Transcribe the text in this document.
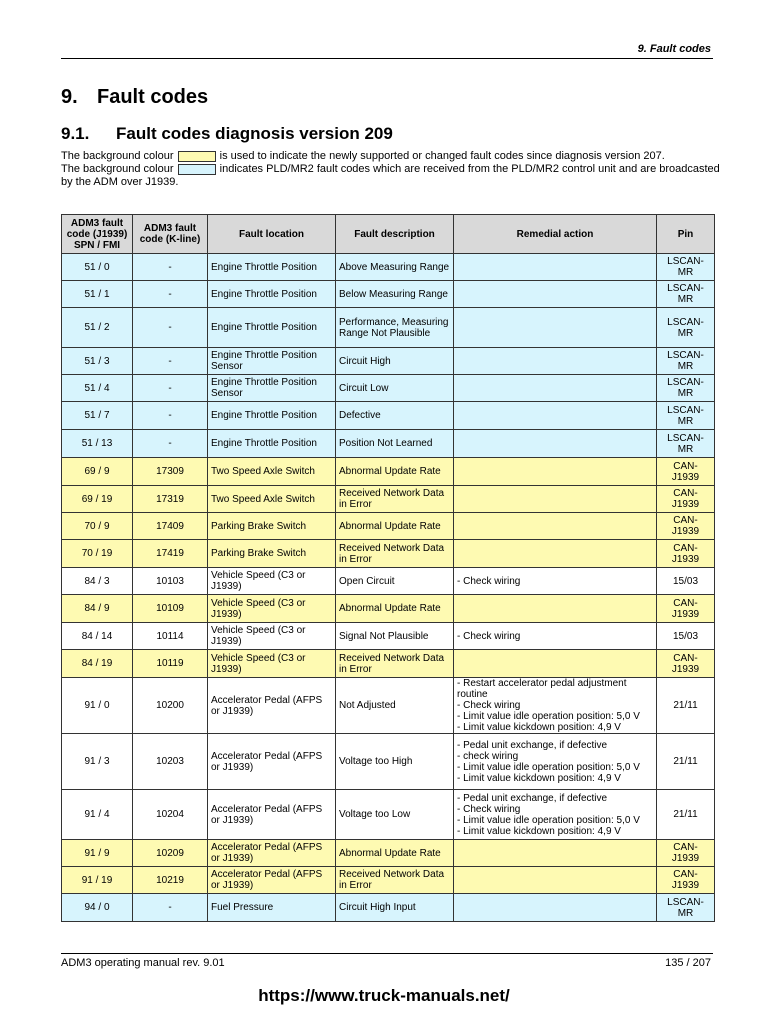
9. Fault codes
9. Fault codes
9.1. Fault codes diagnosis version 209
The background colour	is used to indicate the newly supported or changed fault codes since diagnosis version 207.
The background colour	indicates PLD/MR2 fault codes which are received from the PLD/MR2 control unit and are broadcasted by the ADM over J1939.
ADM3 fault code (J1939) SPN / FMI	ADM3 fault code (K-line)	Fault location	Fault description	Remedial action	Pin
51 / 0	-	Engine Throttle Position	Above Measuring Range		LSCAN-MR
51 / 1	-	Engine Throttle Position	Below Measuring Range		LSCAN-MR
51 / 2	-	Engine Throttle Position	Performance, Measuring Range Not Plausible		LSCAN-MR
51 / 3	-	Engine Throttle Position Sensor	Circuit High		LSCAN-MR
51 / 4	-	Engine Throttle Position Sensor	Circuit Low		LSCAN-MR
51 / 7	-	Engine Throttle Position	Defective		LSCAN-MR
51 / 13	-	Engine Throttle Position	Position Not Learned		LSCAN-MR
69 / 9	17309	Two Speed Axle Switch	Abnormal Update Rate		CAN-J1939
69 / 19	17319	Two Speed Axle Switch	Received Network Data in Error		CAN-J1939
70 / 9	17409	Parking Brake Switch	Abnormal Update Rate		CAN-J1939
70 / 19	17419	Parking Brake Switch	Received Network Data in Error		CAN-J1939
84 / 3	10103	Vehicle Speed (C3 or J1939)	Open Circuit	- Check wiring	15/03
84 / 9	10109	Vehicle Speed (C3 or J1939)	Abnormal Update Rate		CAN-J1939
84 / 14	10114	Vehicle Speed (C3 or J1939)	Signal Not Plausible	- Check wiring	15/03
84 / 19	10119	Vehicle Speed (C3 or J1939)	Received Network Data in Error		CAN-J1939
91 / 0	10200	Accelerator Pedal (AFPS or J1939)	Not Adjusted	- Restart accelerator pedal adjustment routine
- Check wiring
- Limit value idle operation position: 5,0 V
- Limit value kickdown position: 4,9 V	21/11
91 / 3	10203	Accelerator Pedal (AFPS or J1939)	Voltage too High	- Pedal unit exchange, if defective
- check wiring
- Limit value idle operation position: 5,0 V
- Limit value kickdown position: 4,9 V	21/11
91 / 4	10204	Accelerator Pedal (AFPS or J1939)	Voltage too Low	- Pedal unit exchange, if defective
- Check wiring
- Limit value idle operation position: 5,0 V
- Limit value kickdown position: 4,9 V	21/11
91 / 9	10209	Accelerator Pedal (AFPS or J1939)	Abnormal Update Rate		CAN-J1939
91 / 19	10219	Accelerator Pedal (AFPS or J1939)	Received Network Data in Error		CAN-J1939
94 / 0	-	Fuel Pressure	Circuit High Input		LSCAN-MR
ADM3 operating manual rev. 9.01	135 / 207
https://www.truck-manuals.net/
